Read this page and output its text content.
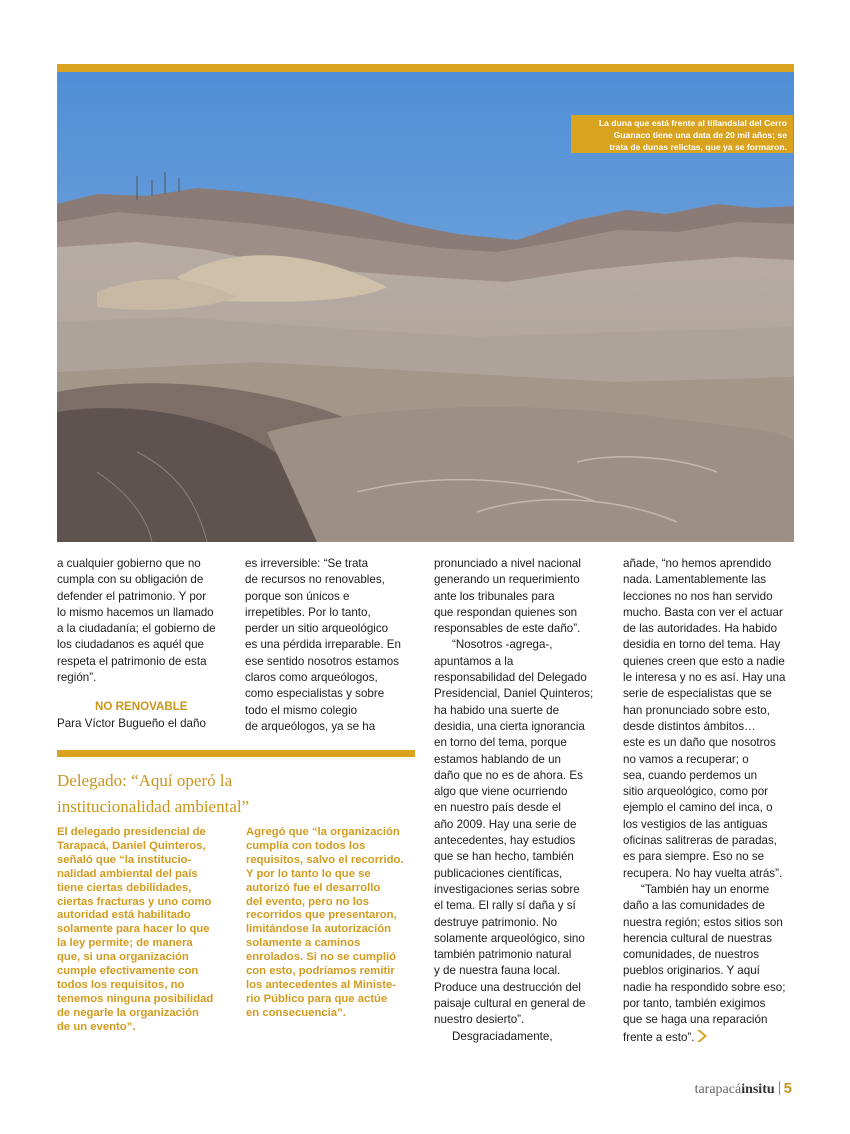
La duna que está frente al tillandsial del Cerro
Guanaco tiene una data de 20 mil años; se
trata de dunas relictas, que ya se formaron.
a cualquier gobierno que no
cumpla con su obligación de
defender el patrimonio. Y por
lo mismo hacemos un llamado
a la ciudadanía; el gobierno de
los ciudadanos es aquél que
respeta el patrimonio de esta
región”.
NO RENOVABLE
Para Víctor Bugueño el daño
es irreversible: “Se trata
de recursos no renovables,
porque son únicos e
irrepetibles. Por lo tanto,
perder un sitio arqueológico
es una pérdida irreparable. En
ese sentido nosotros estamos
claros como arqueólogos,
como especialistas y sobre
todo el mismo colegio
de arqueólogos, ya se ha
pronunciado a nivel nacional
generando un requerimiento
ante los tribunales para
que respondan quienes son
responsables de este daño”.
“Nosotros -agrega-,
apuntamos a la
responsabilidad del Delegado
Presidencial, Daniel Quinteros;
ha habido una suerte de
desidia, una cierta ignorancia
en torno del tema, porque
estamos hablando de un
daño que no es de ahora. Es
algo que viene ocurriendo
en nuestro país desde el
año 2009. Hay una serie de
antecedentes, hay estudios
que se han hecho, también
publicaciones científicas,
investigaciones serias sobre
el tema. El rally sí daña y sí
destruye patrimonio. No
solamente arqueológico, sino
también patrimonio natural
y de nuestra fauna local.
Produce una destrucción del
paisaje cultural en general de
nuestro desierto”.
Desgraciadamente,
añade, “no hemos aprendido
nada. Lamentablemente las
lecciones no nos han servido
mucho. Basta con ver el actuar
de las autoridades. Ha habido
desidia en torno del tema. Hay
quienes creen que esto a nadie
le interesa y no es así. Hay una
serie de especialistas que se
han pronunciado sobre esto,
desde distintos ámbitos…
este es un daño que nosotros
no vamos a recuperar; o
sea, cuando perdemos un
sitio arqueológico, como por
ejemplo el camino del inca, o
los vestigios de las antiguas
oficinas salitreras de paradas,
es para siempre. Eso no se
recupera. No hay vuelta atrás”.
“También hay un enorme
daño a las comunidades de
nuestra región; estos sitios son
herencia cultural de nuestras
comunidades, de nuestros
pueblos originarios. Y aquí
nadie ha respondido sobre eso;
por tanto, también exigimos
que se haga una reparación
frente a esto”.
Delegado: “Aquí operó la
institucionalidad ambiental”
El delegado presidencial de
Tarapacá, Daniel Quinteros,
señaló que “la institucio-
nalidad ambiental del país
tiene ciertas debilidades,
ciertas fracturas y uno como
autoridad está habilitado
solamente para hacer lo que
la ley permite; de manera
que, si una organización
cumple efectivamente con
todos los requisitos, no
tenemos ninguna posibilidad
de negarle la organización
de un evento”.
Agregó que “la organización
cumplía con todos los
requisitos, salvo el recorrido.
Y por lo tanto lo que se
autorizó fue el desarrollo
del evento, pero no los
recorridos que presentaron,
limitándose la autorización
solamente a caminos
enrolados. Si no se cumplió
con esto, podríamos remitir
los antecedentes al Ministe-
rio Público para que actúe
en consecuencia”.
tarapacáinsitu 5
